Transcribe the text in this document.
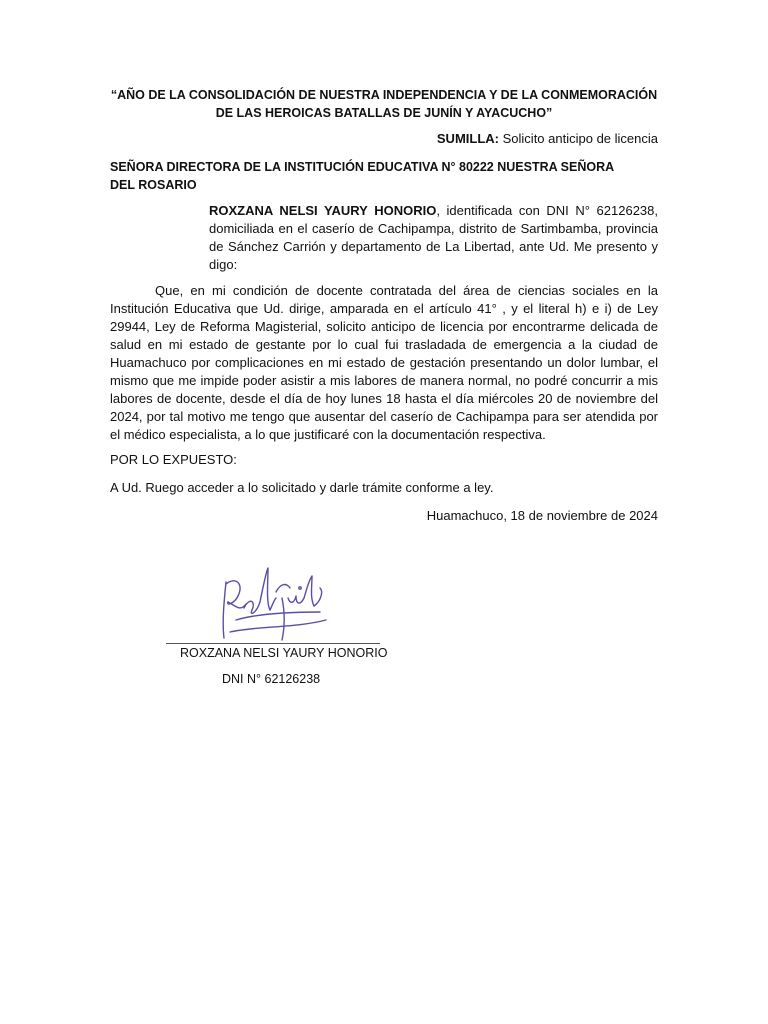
“AÑO DE LA CONSOLIDACIÓN DE NUESTRA INDEPENDENCIA Y DE LA CONMEMORACIÓN DE LAS HEROICAS BATALLAS DE JUNÍN Y AYACUCHO”
SUMILLA: Solicito anticipo de licencia
SEÑORA DIRECTORA DE LA INSTITUCIÓN EDUCATIVA N° 80222 NUESTRA SEÑORA DEL ROSARIO
ROXZANA NELSI YAURY HONORIO, identificada con DNI N° 62126238, domiciliada en el caserío de Cachipampa, distrito de Sartimbamba, provincia de Sánchez Carrión y departamento de La Libertad, ante Ud. Me presento y digo:
Que, en mi condición de docente contratada del área de ciencias sociales en la Institución Educativa que Ud. dirige, amparada en el artículo 41° , y el literal h) e i) de Ley 29944, Ley de Reforma Magisterial, solicito anticipo de licencia por encontrarme delicada de salud en mi estado de gestante por lo cual fui trasladada de emergencia a la ciudad de Huamachuco por complicaciones en mi estado de gestación presentando un dolor lumbar, el mismo que me impide poder asistir a mis labores de manera normal, no podré concurrir a mis labores de docente, desde el día de hoy lunes 18 hasta el día miércoles 20 de noviembre del 2024, por tal motivo me tengo que ausentar del caserío de Cachipampa para ser atendida por el médico especialista, a lo que justificaré con la documentación respectiva.
POR LO EXPUESTO:
A Ud. Ruego acceder a lo solicitado y darle trámite conforme a ley.
Huamachuco, 18 de noviembre de 2024
ROXZANA NELSI YAURY HONORIO
DNI N° 62126238
